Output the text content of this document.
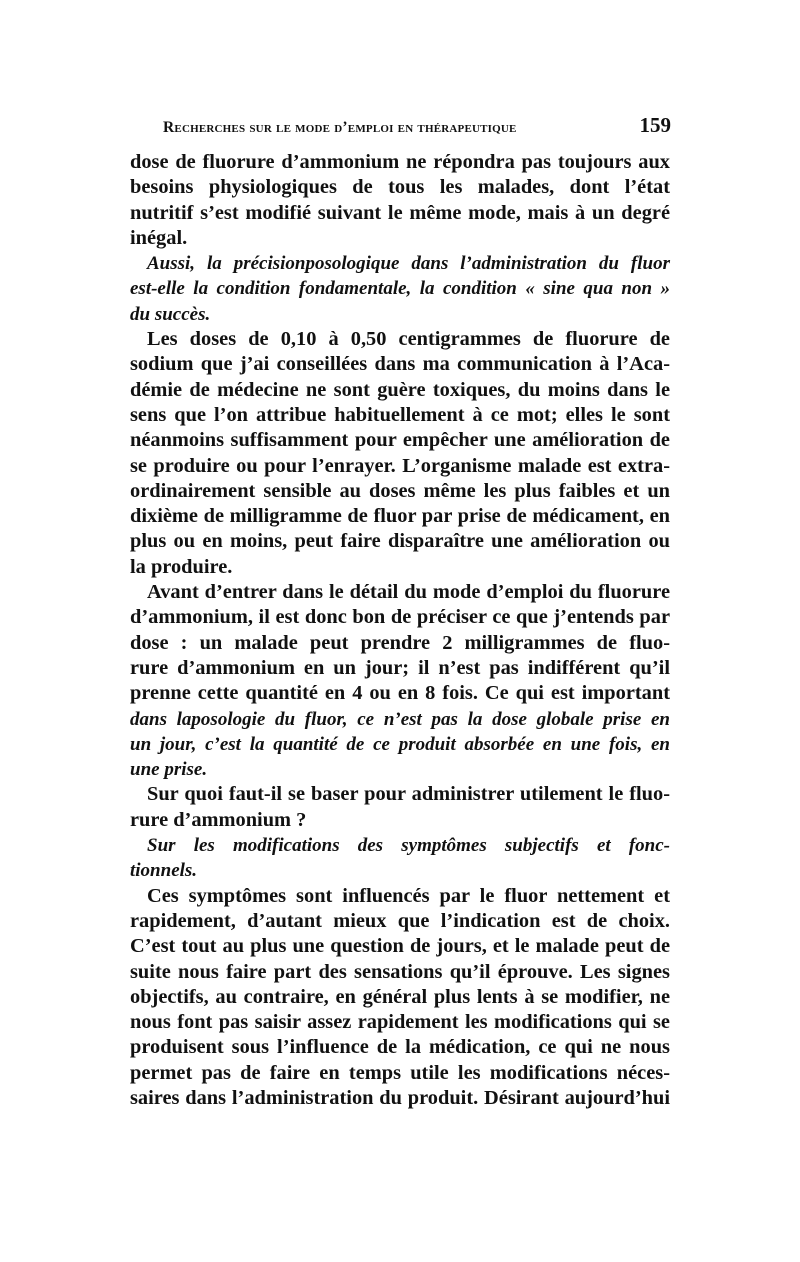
Recherches sur le mode d’emploi en thérapeutique	159
dose de fluorure d’ammonium ne répondra pas toujours aux
besoins physiologiques de tous les malades, dont l’état
nutritif s’est modifié suivant le même mode, mais à un degré
inégal.
Aussi, la précisionposologique dans l’administration du fluor
est-elle la condition fondamentale, la condition « sine qua non »
du succès.
Les doses de 0,10 à 0,50 centigrammes de fluorure de
sodium que j’ai conseillées dans ma communication à l’Aca-
démie de médecine ne sont guère toxiques, du moins dans le
sens que l’on attribue habituellement à ce mot; elles le sont
néanmoins suffisamment pour empêcher une amélioration de
se produire ou pour l’enrayer. L’organisme malade est extra-
ordinairement sensible au doses même les plus faibles et un
dixième de milligramme de fluor par prise de médicament, en
plus ou en moins, peut faire disparaître une amélioration ou
la produire.
Avant d’entrer dans le détail du mode d’emploi du fluorure
d’ammonium, il est donc bon de préciser ce que j’entends par
dose : un malade peut prendre 2 milligrammes de fluo-
rure d’ammonium en un jour; il n’est pas indifférent qu’il
prenne cette quantité en 4 ou en 8 fois. Ce qui est important
dans laposologie du fluor, ce n’est pas la dose globale prise en
un jour, c’est la quantité de ce produit absorbée en une fois, en
une prise.
Sur quoi faut-il se baser pour administrer utilement le fluo-
rure d’ammonium ?
Sur les modifications des symptômes subjectifs et fonc-
tionnels.
Ces symptômes sont influencés par le fluor nettement et
rapidement, d’autant mieux que l’indication est de choix.
C’est tout au plus une question de jours, et le malade peut de
suite nous faire part des sensations qu’il éprouve. Les signes
objectifs, au contraire, en général plus lents à se modifier, ne
nous font pas saisir assez rapidement les modifications qui se
produisent sous l’influence de la médication, ce qui ne nous
permet pas de faire en temps utile les modifications néces-
saires dans l’administration du produit. Désirant aujourd’hui
